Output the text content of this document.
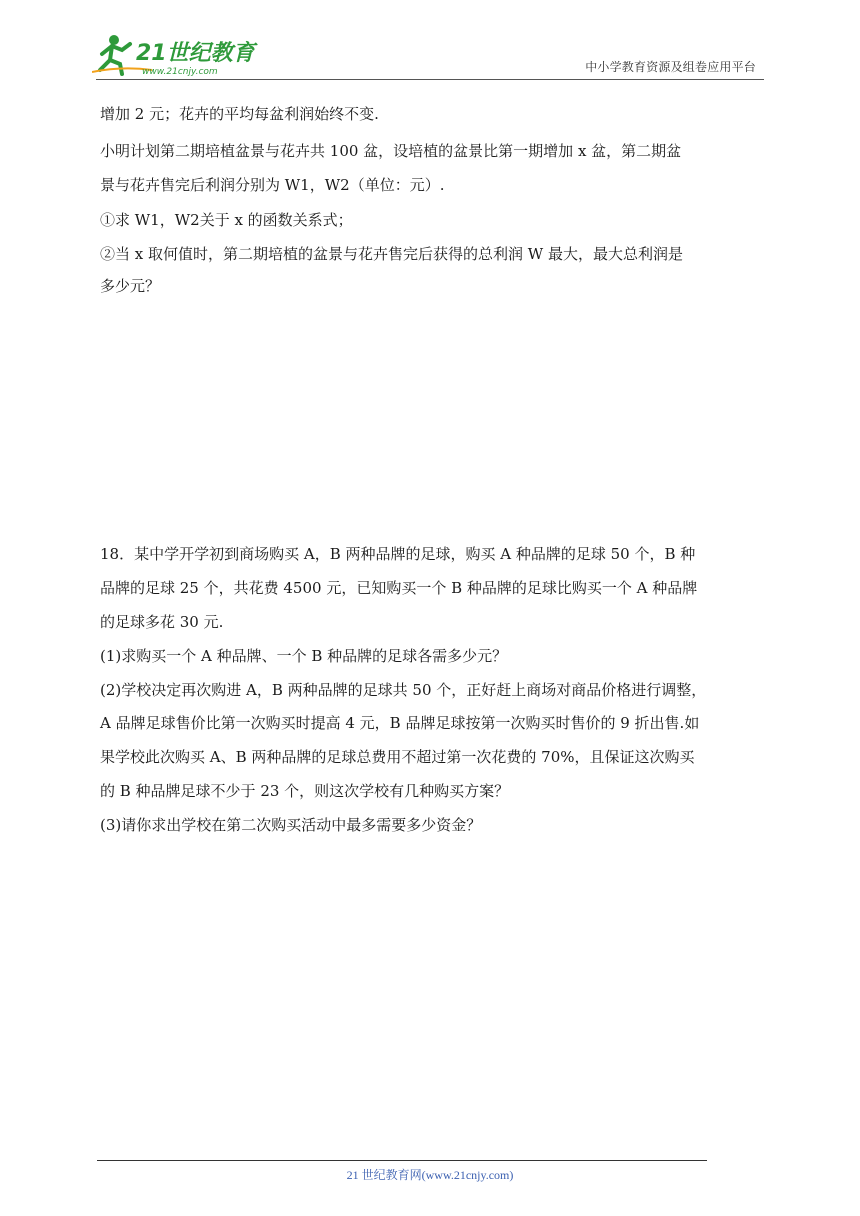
21世纪教育
www.21cnjy.com	中小学教育资源及组卷应用平台
增加 2 元；花卉的平均每盆利润始终不变.
小明计划第二期培植盆景与花卉共 100 盆，设培植的盆景比第一期增加 x 盆，第二期盆
景与花卉售完后利润分别为 W1，W2（单位：元）.
①求 W1，W2关于 x 的函数关系式；
②当 x 取何值时，第二期培植的盆景与花卉售完后获得的总利润 W 最大，最大总利润是
多少元？
18．某中学开学初到商场购买 A，B 两种品牌的足球，购买 A 种品牌的足球 50 个，B 种
品牌的足球 25 个，共花费 4500 元，已知购买一个 B 种品牌的足球比购买一个 A 种品牌
的足球多花 30 元.
(1)求购买一个 A 种品牌、一个 B 种品牌的足球各需多少元？
(2)学校决定再次购进 A，B 两种品牌的足球共 50 个，正好赶上商场对商品价格进行调整，
A 品牌足球售价比第一次购买时提高 4 元，B 品牌足球按第一次购买时售价的 9 折出售.如
果学校此次购买 A、B 两种品牌的足球总费用不超过第一次花费的 70%，且保证这次购买
的 B 种品牌足球不少于 23 个，则这次学校有几种购买方案？
(3)请你求出学校在第二次购买活动中最多需要多少资金？
21 世纪教育网(www.21cnjy.com)
